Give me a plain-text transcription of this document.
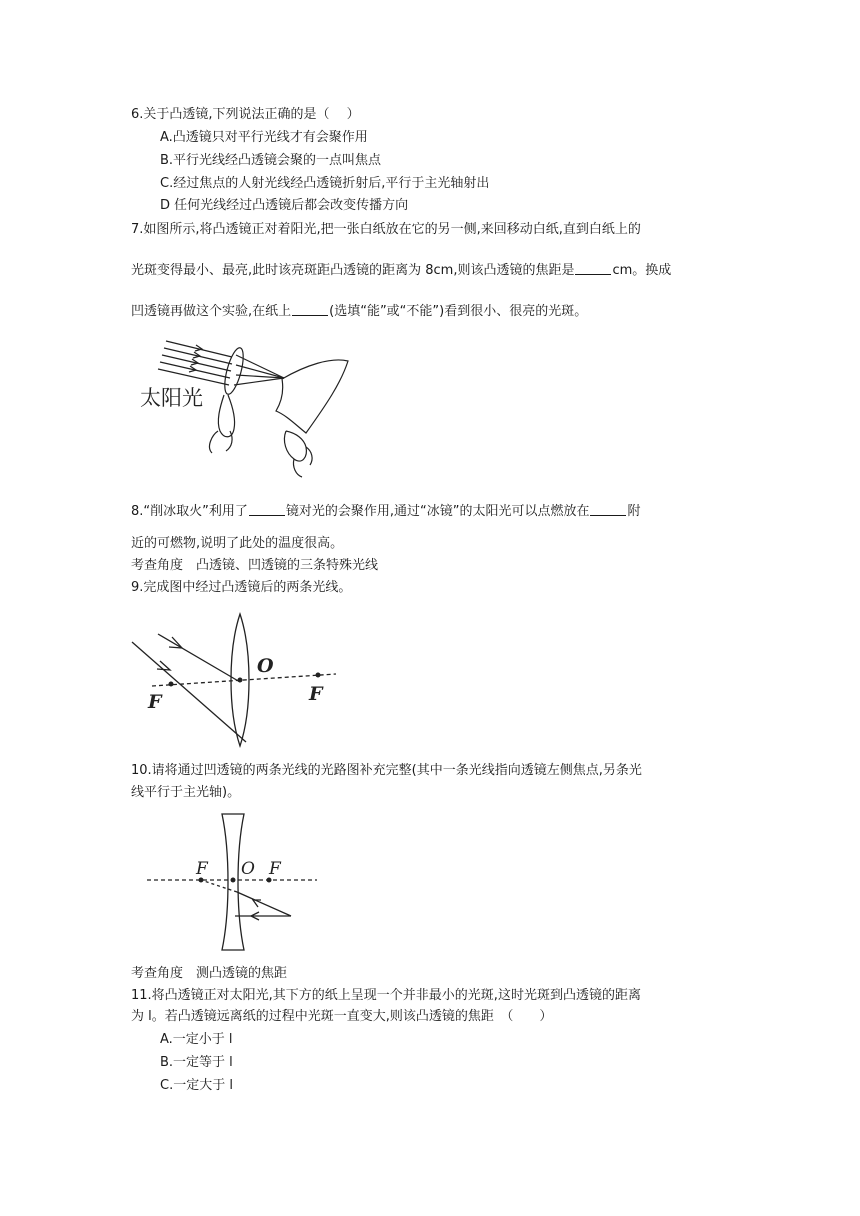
6.关于凸透镜,下列说法正确的是（　 ）
A.凸透镜只对平行光线才有会聚作用
B.平行光线经凸透镜会聚的一点叫焦点
C.经过焦点的人射光线经凸透镜折射后,平行于主光轴射出
D 任何光线经过凸透镜后都会改变传播方向
7.如图所示,将凸透镜正对着阳光,把一张白纸放在它的另一侧,来回移动白纸,直到白纸上的
光斑变得最小、最亮,此时该亮斑距凸透镜的距离为 8cm,则该凸透镜的焦距是	cm。换成
凹透镜再做这个实验,在纸上	(选填“能”或“不能”)看到很小、很亮的光斑。
太阳光
8.“削冰取火”利用了	镜对光的会聚作用,通过“冰镜”的太阳光可以点燃放在	附
近的可燃物,说明了此处的温度很高。
考查角度　凸透镜、凹透镜的三条特殊光线
9.完成图中经过凸透镜后的两条光线。
F
O
F
10.请将通过凹透镜的两条光线的光路图补充完整(其中一条光线指向透镜左侧焦点,另条光
线平行于主光轴)。
F O F
考查角度　测凸透镜的焦距
11.将凸透镜正对太阳光,其下方的纸上呈现一个并非最小的光斑,这时光斑到凸透镜的距离
为 l。若凸透镜远离纸的过程中光斑一直变大,则该凸透镜的焦距　（　　）
A.一定小于 l
B.一定等于 l
C.一定大于 l
